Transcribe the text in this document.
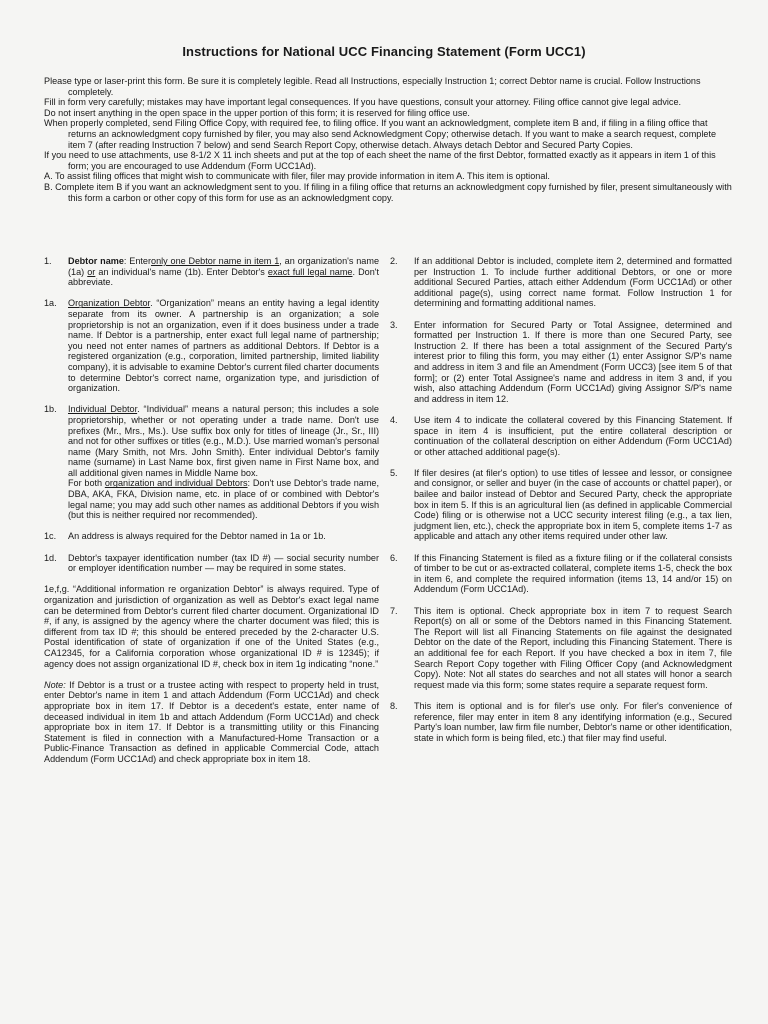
Instructions for National UCC Financing Statement (Form UCC1)

Please type or laser-print this form. Be sure it is completely legible. Read all Instructions, especially Instruction 1; correct Debtor name is crucial. Follow Instructions completely.

Fill in form very carefully; mistakes may have important legal consequences. If you have questions, consult your attorney. Filing office cannot give legal advice.

Do not insert anything in the open space in the upper portion of this form; it is reserved for filing office use.

When properly completed, send Filing Office Copy, with required fee, to filing office. If you want an acknowledgment, complete item B and, if filing in a filing office that returns an acknowledgment copy furnished by filer, you may also send Acknowledgment Copy; otherwise detach. If you want to make a search request, complete item 7 (after reading Instruction 7 below) and send Search Report Copy, otherwise detach. Always detach Debtor and Secured Party Copies.

If you need to use attachments, use 8-1/2 X 11 inch sheets and put at the top of each sheet the name of the first Debtor, formatted exactly as it appears in item 1 of this form; you are encouraged to use Addendum (Form UCC1Ad).

A. To assist filing offices that might wish to communicate with filer, filer may provide information in item A. This item is optional.

B. Complete item B if you want an acknowledgment sent to you. If filing in a filing office that returns an acknowledgment copy furnished by filer, present simultaneously with this form a carbon or other copy of this form for use as an acknowledgment copy.

1. Debtor name: Enteronly one Debtor name in item 1, an organization's name (1a) or an individual's name (1b). Enter Debtor's exact full legal name. Don't abbreviate.
1a. Organization Debtor. “Organization” means an entity having a legal identity separate from its owner. A partnership is an organization; a sole proprietorship is not an organization, even if it does business under a trade name. If Debtor is a partnership, enter exact full legal name of partnership; you need not enter names of partners as additional Debtors. If Debtor is a registered organization (e.g., corporation, limited partnership, limited liability company), it is advisable to examine Debtor's current filed charter documents to determine Debtor's correct name, organization type, and jurisdiction of organization.
1b. Individual Debtor. “Individual” means a natural person; this includes a sole proprietorship, whether or not operating under a trade name. Don't use prefixes (Mr., Mrs., Ms.). Use suffix box only for titles of lineage (Jr., Sr., III) and not for other suffixes or titles (e.g., M.D.). Use married woman's personal name (Mary Smith, not Mrs. John Smith). Enter individual Debtor's family name (surname) in Last Name box, first given name in First Name box, and all additional given names in Middle Name box.
For both organization and individual Debtors: Don't use Debtor's trade name, DBA, AKA, FKA, Division name, etc. in place of or combined with Debtor's legal name; you may add such other names as additional Debtors if you wish (but this is neither required nor recommended).
1c. An address is always required for the Debtor named in 1a or 1b.
1d. Debtor's taxpayer identification number (tax ID #) — social security number or employer identification number — may be required in some states.
1e,f,g. “Additional information re organization Debtor” is always required. Type of organization and jurisdiction of organization as well as Debtor's exact legal name can be determined from Debtor's current filed charter document. Organizational ID #, if any, is assigned by the agency where the charter document was filed; this is different from tax ID #; this should be entered preceded by the 2-character U.S. Postal identification of state of organization if one of the United States (e.g., CA12345, for a California corporation whose organizational ID # is 12345); if agency does not assign organizational ID #, check box in item 1g indicating “none.”
Note: If Debtor is a trust or a trustee acting with respect to property held in trust, enter Debtor's name in item 1 and attach Addendum (Form UCC1Ad) and check appropriate box in item 17. If Debtor is a decedent's estate, enter name of deceased individual in item 1b and attach Addendum (Form UCC1Ad) and check appropriate box in item 17. If Debtor is a transmitting utility or this Financing Statement is filed in connection with a Manufactured-Home Transaction or a Public-Finance Transaction as defined in applicable Commercial Code, attach Addendum (Form UCC1Ad) and check appropriate box in item 18.
2. If an additional Debtor is included, complete item 2, determined and formatted per Instruction 1. To include further additional Debtors, or one or more additional Secured Parties, attach either Addendum (Form UCC1Ad) or other additional page(s), using correct name format. Follow Instruction 1 for determining and formatting additional names.
3. Enter information for Secured Party or Total Assignee, determined and formatted per Instruction 1. If there is more than one Secured Party, see Instruction 2. If there has been a total assignment of the Secured Party's interest prior to filing this form, you may either (1) enter Assignor S/P's name and address in item 3 and file an Amendment (Form UCC3) [see item 5 of that form]; or (2) enter Total Assignee's name and address in item 3 and, if you wish, also attaching Addendum (Form UCC1Ad) giving Assignor S/P's name and address in item 12.
4. Use item 4 to indicate the collateral covered by this Financing Statement. If space in item 4 is insufficient, put the entire collateral description or continuation of the collateral description on either Addendum (Form UCC1Ad) or other attached additional page(s).
5. If filer desires (at filer's option) to use titles of lessee and lessor, or consignee and consignor, or seller and buyer (in the case of accounts or chattel paper), or bailee and bailor instead of Debtor and Secured Party, check the appropriate box in item 5. If this is an agricultural lien (as defined in applicable Commercial Code) filing or is otherwise not a UCC security interest filing (e.g., a tax lien, judgment lien, etc.), check the appropriate box in item 5, complete items 1-7 as applicable and attach any other items required under other law.
6. If this Financing Statement is filed as a fixture filing or if the collateral consists of timber to be cut or as-extracted collateral, complete items 1-5, check the box in item 6, and complete the required information (items 13, 14 and/or 15) on Addendum (Form UCC1Ad).
7. This item is optional. Check appropriate box in item 7 to request Search Report(s) on all or some of the Debtors named in this Financing Statement. The Report will list all Financing Statements on file against the designated Debtor on the date of the Report, including this Financing Statement. There is an additional fee for each Report. If you have checked a box in item 7, file Search Report Copy together with Filing Officer Copy (and Acknowledgment Copy). Note: Not all states do searches and not all states will honor a search request made via this form; some states require a separate request form.
8. This item is optional and is for filer's use only. For filer's convenience of reference, filer may enter in item 8 any identifying information (e.g., Secured Party's loan number, law firm file number, Debtor's name or other identification, state in which form is being filed, etc.) that filer may find useful.
